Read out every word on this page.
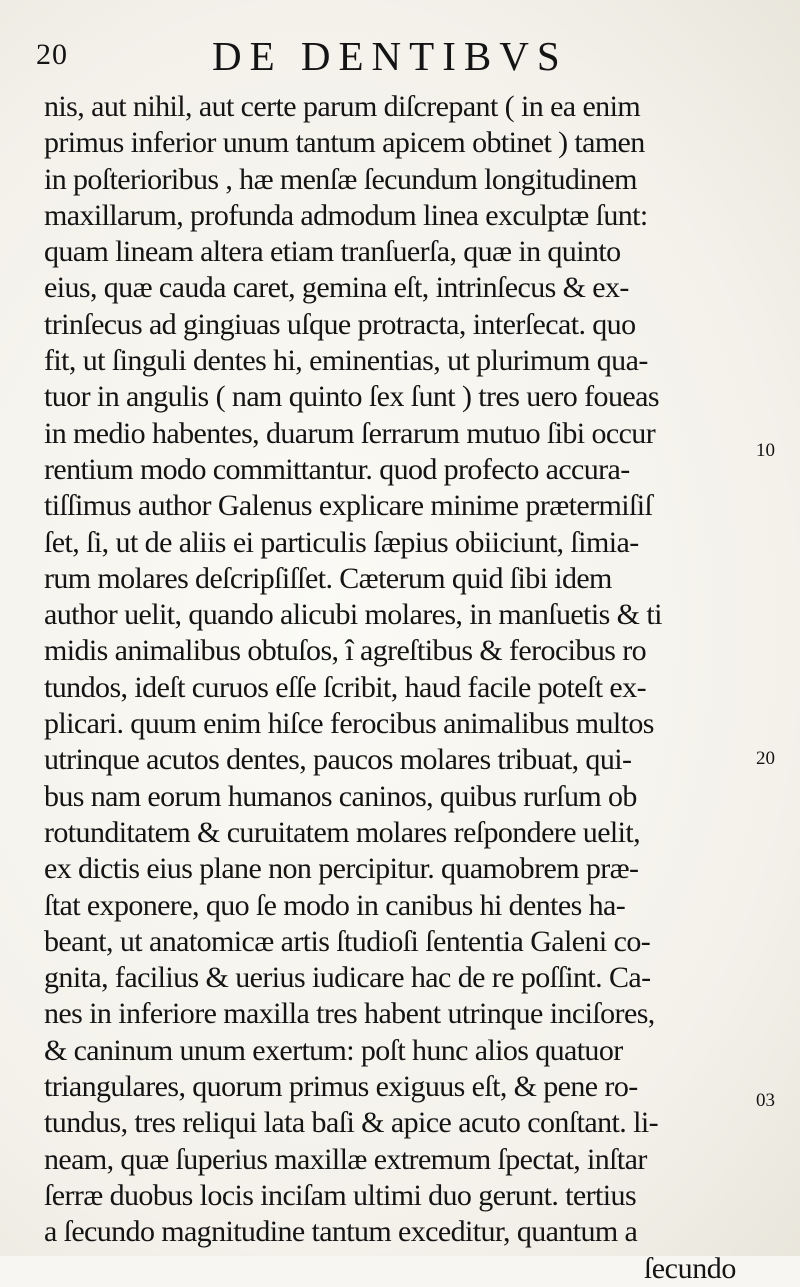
20	DE DENTIBVS
nis, aut nihil, aut certe parum diſcrepant ( in ea enim
primus inferior unum tantum apicem obtinet ) tamen
in poſterioribus , hæ menſæ ſecundum longitudinem
maxillarum, profunda admodum linea exculptæ ſunt:
quam lineam altera etiam tranſuerſa, quæ in quinto
eius, quæ cauda caret, gemina eſt, intrinſecus & ex-
trinſecus ad gingiuas uſque protracta, interſecat. quo
fit, ut ſinguli dentes hi, eminentias, ut plurimum qua-
tuor in angulis ( nam quinto ſex ſunt ) tres uero foueas
in medio habentes, duarum ſerrarum mutuo ſibi occur
rentium modo committantur. quod profecto accura-
tiſſimus author Galenus explicare minime prætermiſiſ
ſet, ſi, ut de aliis ei particulis ſæpius obiiciunt, ſimia-
rum molares deſcripſiſſet. Cæterum quid ſibi idem
author uelit, quando alicubi molares, in manſuetis & ti
midis animalibus obtuſos, î agreſtibus & ferocibus ro
tundos, ideſt curuos eſſe ſcribit, haud facile poteſt ex-
plicari. quum enim hiſce ferocibus animalibus multos
utrinque acutos dentes, paucos molares tribuat, qui-
bus nam eorum humanos caninos, quibus rurſum ob
rotunditatem & curuitatem molares reſpondere uelit,
ex dictis eius plane non percipitur. quamobrem præ-
ſtat exponere, quo ſe modo in canibus hi dentes ha-
beant, ut anatomicæ artis ſtudioſi ſententia Galeni co-
gnita, facilius & uerius iudicare hac de re poſſint. Ca-
nes in inferiore maxilla tres habent utrinque inciſores,
& caninum unum exertum: poſt hunc alios quatuor
triangulares, quorum primus exiguus eſt, & pene ro-
tundus, tres reliqui lata baſi & apice acuto conſtant. li-
neam, quæ ſuperius maxillæ extremum ſpectat, inſtar
ſerræ duobus locis inciſam ultimi duo gerunt. tertius
a ſecundo magnitudine tantum exceditur, quantum a
ſecundo
10
20
03
